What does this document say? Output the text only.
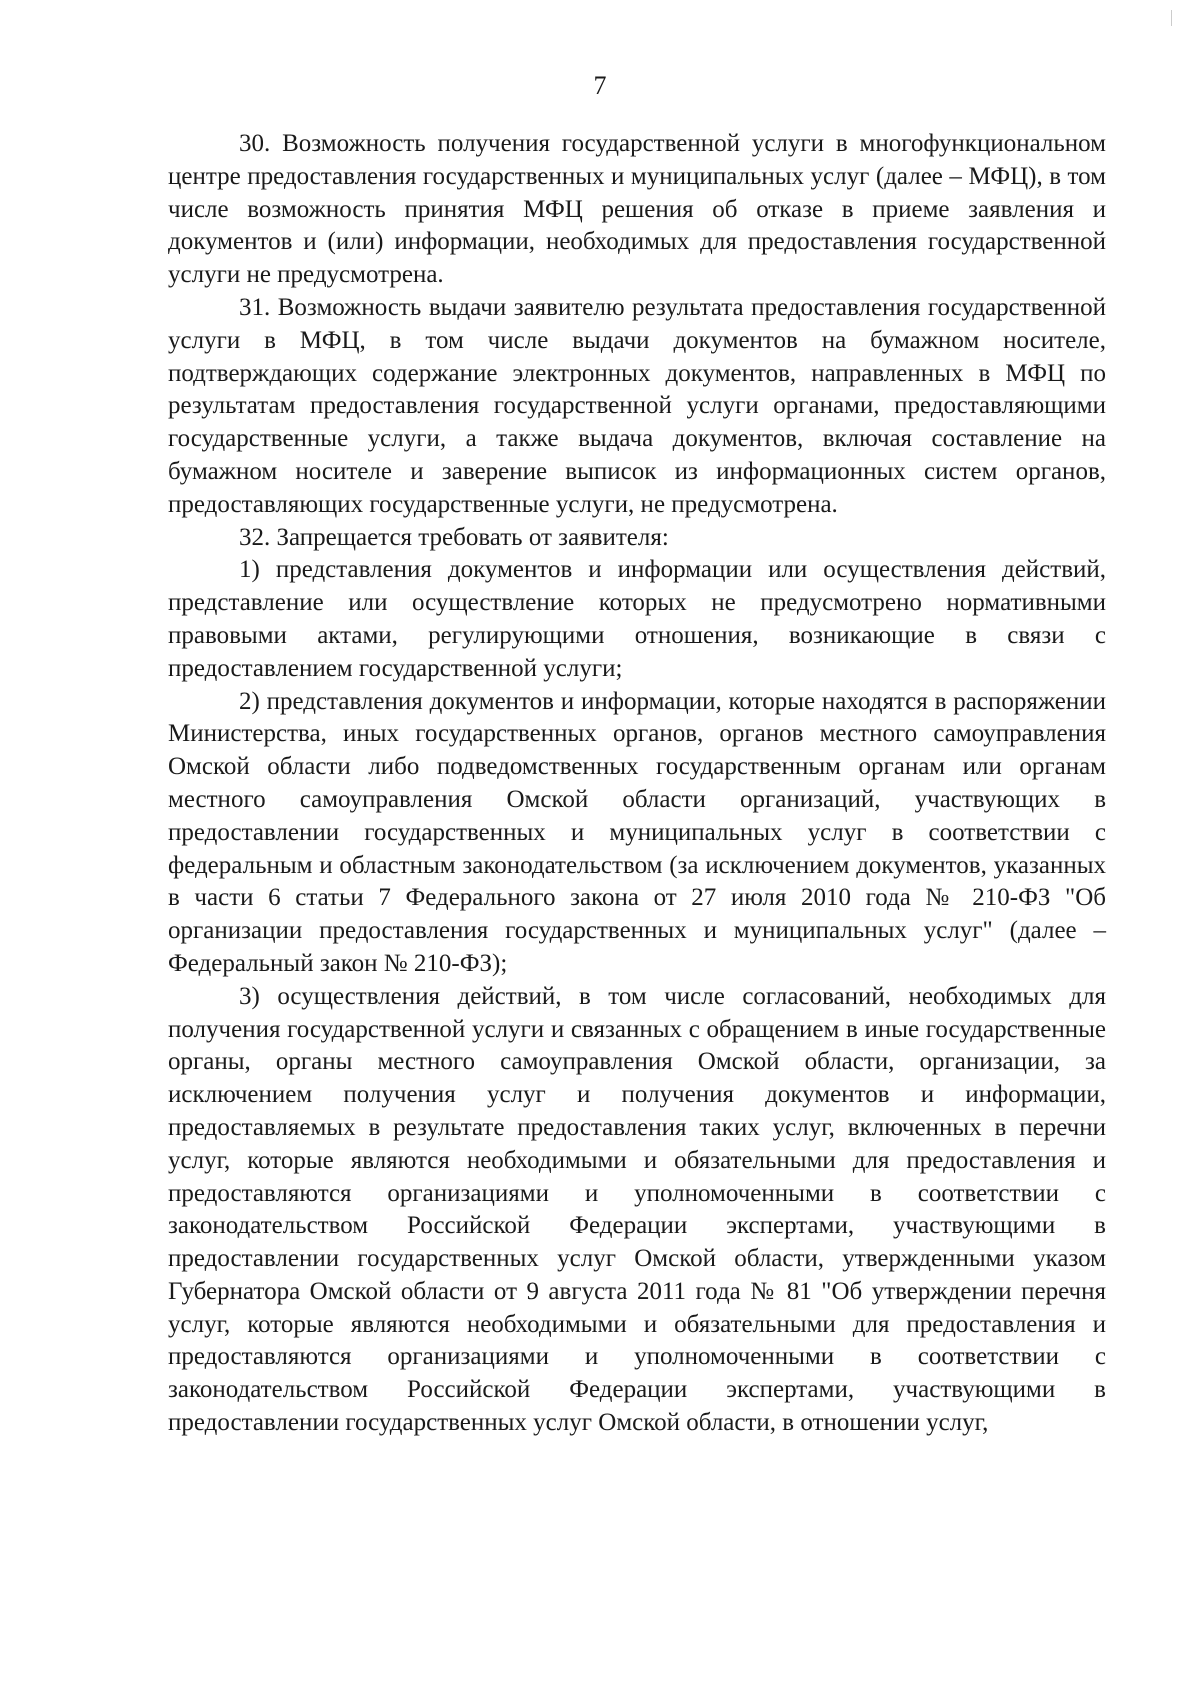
7

30. Возможность получения государственной услуги в многофункциональном центре предоставления государственных и муниципальных услуг (далее – МФЦ), в том числе возможность принятия МФЦ решения об отказе в приеме заявления и документов и (или) информации, необходимых для предоставления государственной услуги не предусмотрена.

31. Возможность выдачи заявителю результата предоставления государственной услуги в МФЦ, в том числе выдачи документов на бумажном носителе, подтверждающих содержание электронных документов, направленных в МФЦ по результатам предоставления государственной услуги органами, предоставляющими государственные услуги, а также выдача документов, включая составление на бумажном носителе и заверение выписок из информационных систем органов, предоставляющих государственные услуги, не предусмотрена.

32. Запрещается требовать от заявителя:

1) представления документов и информации или осуществления действий, представление или осуществление которых не предусмотрено нормативными правовыми актами, регулирующими отношения, возникающие в связи с предоставлением государственной услуги;

2) представления документов и информации, которые находятся в распоряжении Министерства, иных государственных органов, органов местного самоуправления Омской области либо подведомственных государственным органам или органам местного самоуправления Омской области организаций, участвующих в предоставлении государственных и муниципальных услуг в соответствии с федеральным и областным законодательством (за исключением документов, указанных в части 6 статьи 7 Федерального закона от 27 июля 2010 года № 210-ФЗ "Об организации предоставления государственных и муниципальных услуг" (далее – Федеральный закон № 210-ФЗ);

3) осуществления действий, в том числе согласований, необходимых для получения государственной услуги и связанных с обращением в иные государственные органы, органы местного самоуправления Омской области, организации, за исключением получения услуг и получения документов и информации, предоставляемых в результате предоставления таких услуг, включенных в перечни услуг, которые являются необходимыми и обязательными для предоставления и предоставляются организациями и уполномоченными в соответствии с законодательством Российской Федерации экспертами, участвующими в предоставлении государственных услуг Омской области, утвержденными указом Губернатора Омской области от 9 августа 2011 года № 81 "Об утверждении перечня услуг, которые являются необходимыми и обязательными для предоставления и предоставляются организациями и уполномоченными в соответствии с законодательством Российской Федерации экспертами, участвующими в предоставлении государственных услуг Омской области, в отношении услуг,
